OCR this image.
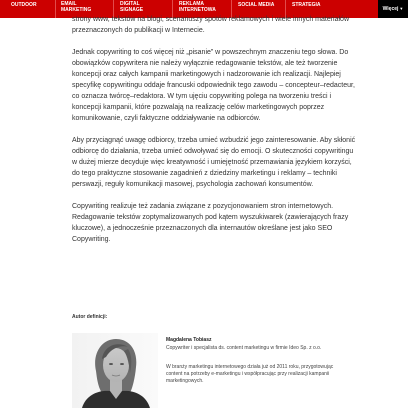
OUTDOOR	EMAIL MARKETING
DIGITAL SIGNAGE
REKLAMA INTERNETOWA
SOCIAL MEDIA	STRATEGIA
Więcej▼

strony www, tekstów na blogi, scenariuszy spotów reklamowych i wiele innych materiałów przeznaczonych do publikacji w Internecie.

Jednak copywriting to coś więcej niż „pisanie” w powszechnym znaczeniu tego słowa. Do obowiązków copywritera nie należy wyłącznie redagowanie tekstów, ale też tworzenie koncepcji oraz całych kampanii marketingowych i nadzorowanie ich realizacji. Najlepiej specyfikę copywritingu oddaje francuski odpowiednik tego zawodu – concepteur–redacteur, co oznacza twórcę–redaktora. W tym ujęciu copywriting polega na tworzeniu treści i koncepcji kampanii, które pozwalają na realizację celów marketingowych poprzez komunikowanie, czyli faktyczne oddziaływanie na odbiorców.

Aby przyciągnąć uwagę odbiorcy, trzeba umieć wzbudzić jego zainteresowanie. Aby skłonić odbiorcę do działania, trzeba umieć odwoływać się do emocji. O skuteczności copywritingu w dużej mierze decyduje więc kreatywność i umiejętność przemawiania językiem korzyści, do tego praktyczne stosowanie zagadnień z dziedziny marketingu i reklamy – techniki perswazji, reguły komunikacji masowej, psychologia zachowań konsumentów.

Copywriting realizuje też zadania związane z pozycjonowaniem stron internetowych. Redagowanie tekstów zoptymalizowanych pod kątem wyszukiwarek (zawierających frazy kluczowe), a jednocześnie przeznaczonych dla internautów określane jest jako SEO Copywriting.

Autor definicji:
Magdalena Tobiasz
Copywriter i specjalista ds. content marketingu w firmie Ideo Sp. z o.o.
W branży marketingu internetowego działa już od 2011 roku, przygotowując content na potrzeby e-marketingu i współpracując przy realizacji kampanii marketingowych.
